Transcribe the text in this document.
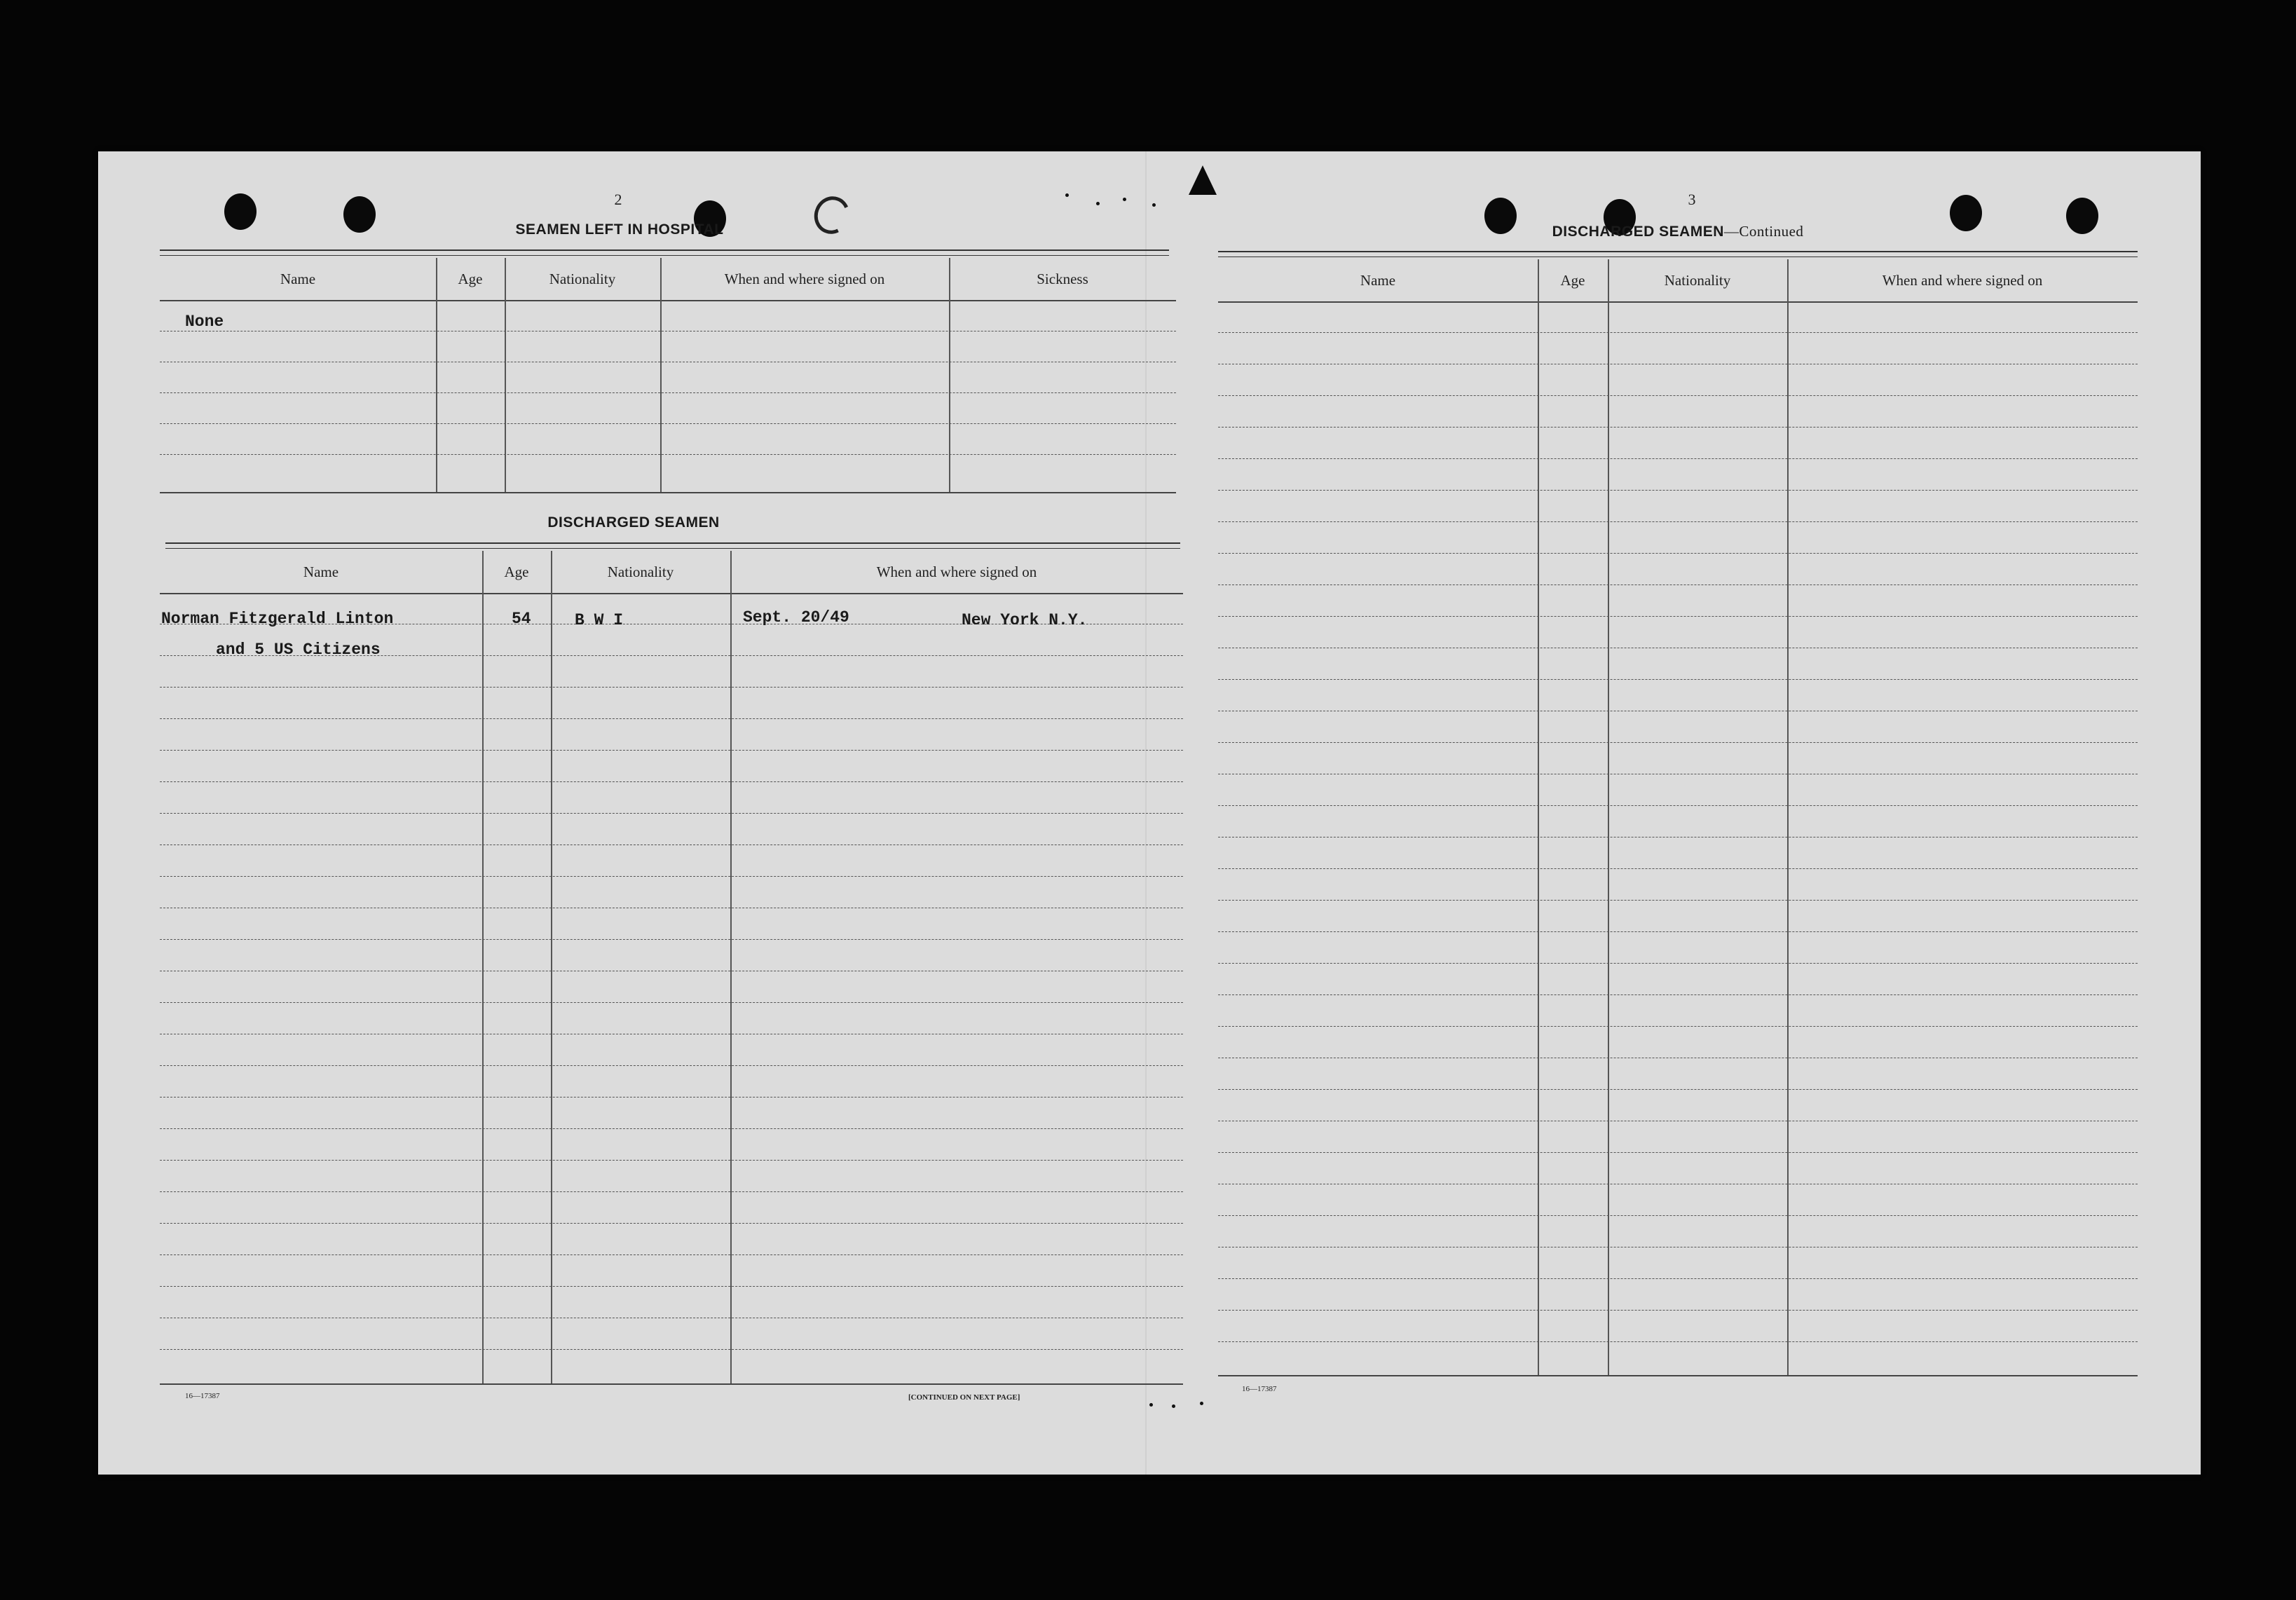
2
SEAMEN LEFT IN HOSPITAL
Name	Age	Nationality	When and where signed on	Sickness
None
DISCHARGED SEAMEN
Name	Age	Nationality	When and where signed on
Norman Fitzgerald Linton	54	B W I	Sept. 20/49	New York N.Y.
and 5 US Citizens
16—17387	[CONTINUED ON NEXT PAGE]
3
DISCHARGED SEAMEN—Continued
Name	Age	Nationality	When and where signed on
16—17387
